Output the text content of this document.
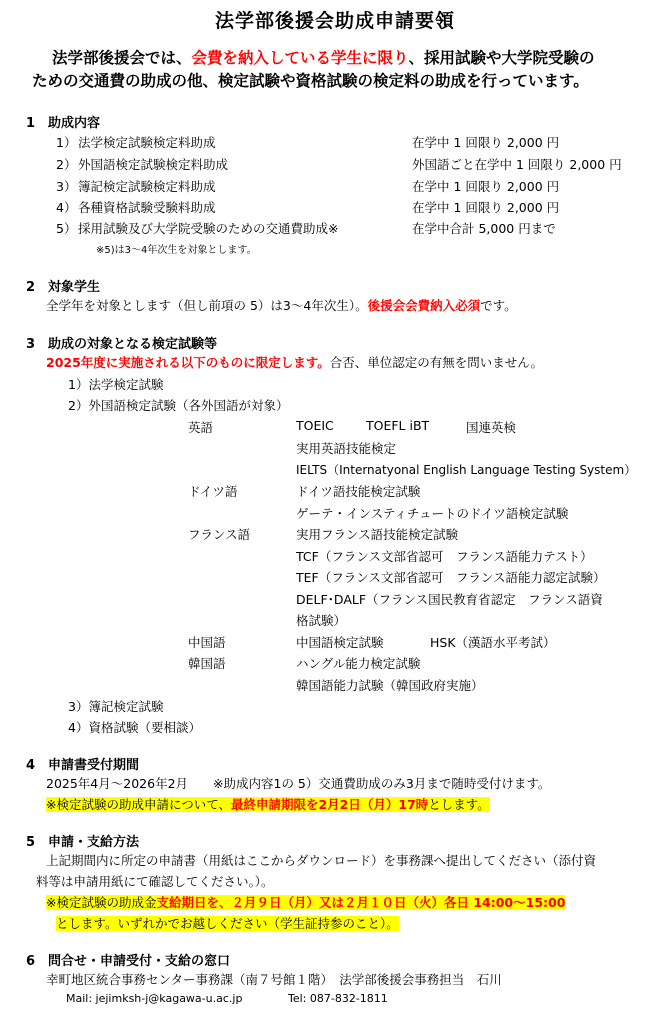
法学部後援会助成申請要領
法学部後援会では、会費を納入している学生に限り、採用試験や大学院受験の
ための交通費の助成の他、検定試験や資格試験の検定料の助成を行っています。
1　助成内容
1） 法学検定試験検定料助成	在学中 1 回限り 2,000 円
2） 外国語検定試験検定料助成	外国語ごと在学中 1 回限り 2,000 円
3） 簿記検定試験検定料助成	在学中 1 回限り 2,000 円
4） 各種資格試験受験料助成	在学中 1 回限り 2,000 円
5） 採用試験及び大学院受験のための交通費助成※	在学中合計 5,000 円まで
※5)は3～4年次生を対象とします。
2　対象学生
全学年を対象とします（但し前項の 5）は3～4年次生）。後援会会費納入必須です。
3　助成の対象となる検定試験等
2025年度に実施される以下のものに限定します。合否、単位認定の有無を問いません。
1）法学検定試験
2）外国語検定試験（各外国語が対象）
英語	TOEIC	TOEFL iBT	国連英検
実用英語技能検定
IELTS（Internatyonal English Language Testing System）
ドイツ語	ドイツ語技能検定試験
ゲーテ・インスティチュートのドイツ語検定試験
フランス語	実用フランス語技能検定試験
TCF（フランス文部省認可　フランス語能力テスト）
TEF（フランス文部省認可　フランス語能力認定試験）
DELF･DALF（フランス国民教育省認定　フランス語資
格試験）
中国語	中国語検定試験	HSK（漢語水平考試）
韓国語	ハングル能力検定試験
韓国語能力試験（韓国政府実施）
3）簿記検定試験
4）資格試験（要相談）
4　申請書受付期間
2025年4月～2026年2月　　※助成内容1の 5）交通費助成のみ3月まで随時受付けます。
※検定試験の助成申請について、最終申請期限を2月2日（月）17時とします。
5　申請・支給方法
上記期間内に所定の申請書（用紙はここからダウンロード）を事務課へ提出してください（添付資
料等は申請用紙にて確認してください。）。
※検定試験の助成金支給期日を、２月９日（月）又は２月１０日（火）各日 14:00～15:00
とします。いずれかでお越しください（学生証持参のこと）。
6　問合せ・申請受付・支給の窓口
幸町地区統合事務センター事務課（南７号館１階）　法学部後援会事務担当　石川
Mail: jejimksh-j@kagawa-u.ac.jp	Tel: 087-832-1811
